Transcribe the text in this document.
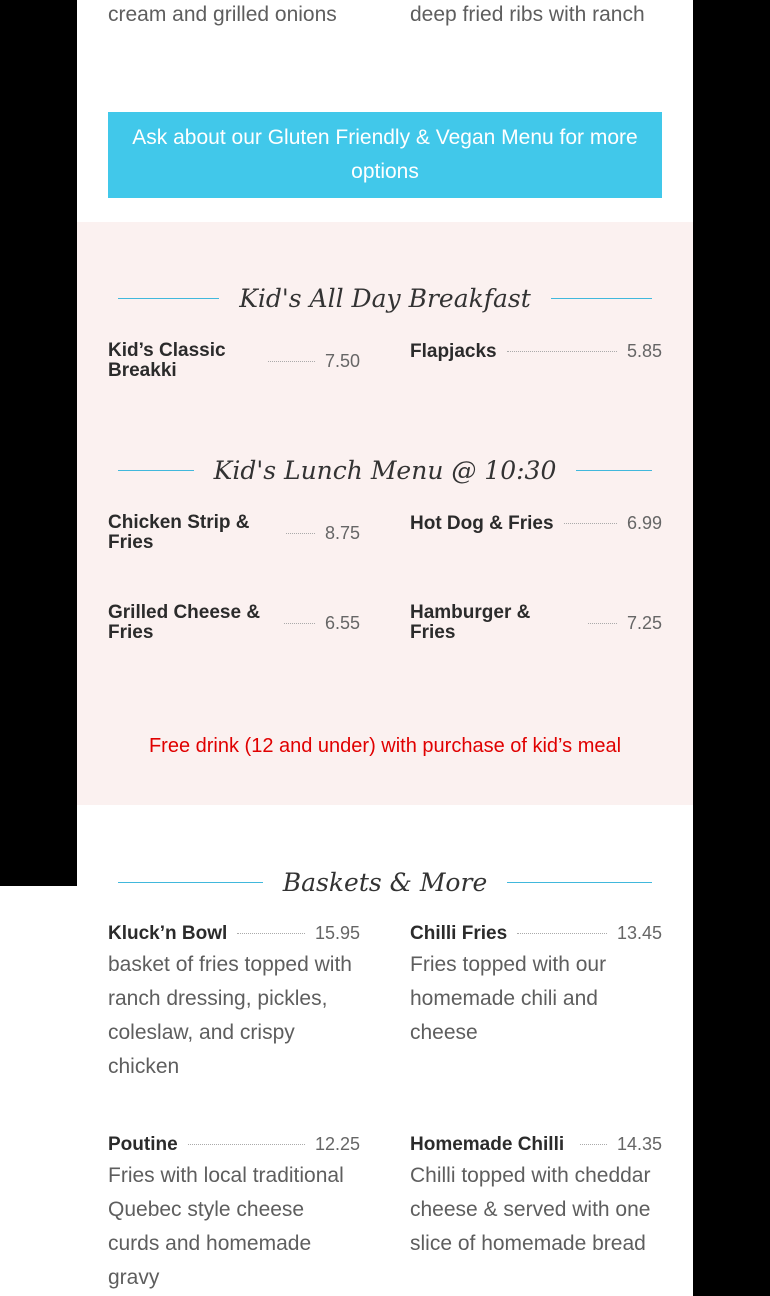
cream and grilled onions	deep fried ribs with ranch
Ask about our Gluten Friendly & Vegan Menu for more options
Kid's All Day Breakfast
Kid’s Classic Breakki	7.50	Flapjacks	5.85
Kid's Lunch Menu @ 10:30
Chicken Strip & Fries	8.75	Hot Dog & Fries	6.99
Grilled Cheese & Fries	6.55	Hamburger & Fries	7.25
Free drink (12 and under) with purchase of kid’s meal
Baskets & More
Kluck’n Bowl	15.95
basket of fries topped with ranch dressing, pickles, coleslaw, and crispy chicken
Chilli Fries	13.45
Fries topped with our homemade chili and cheese
Poutine	12.25
Fries with local traditional Quebec style cheese curds and homemade gravy
Homemade Chilli	14.35
Chilli topped with cheddar cheese & served with one slice of homemade bread
